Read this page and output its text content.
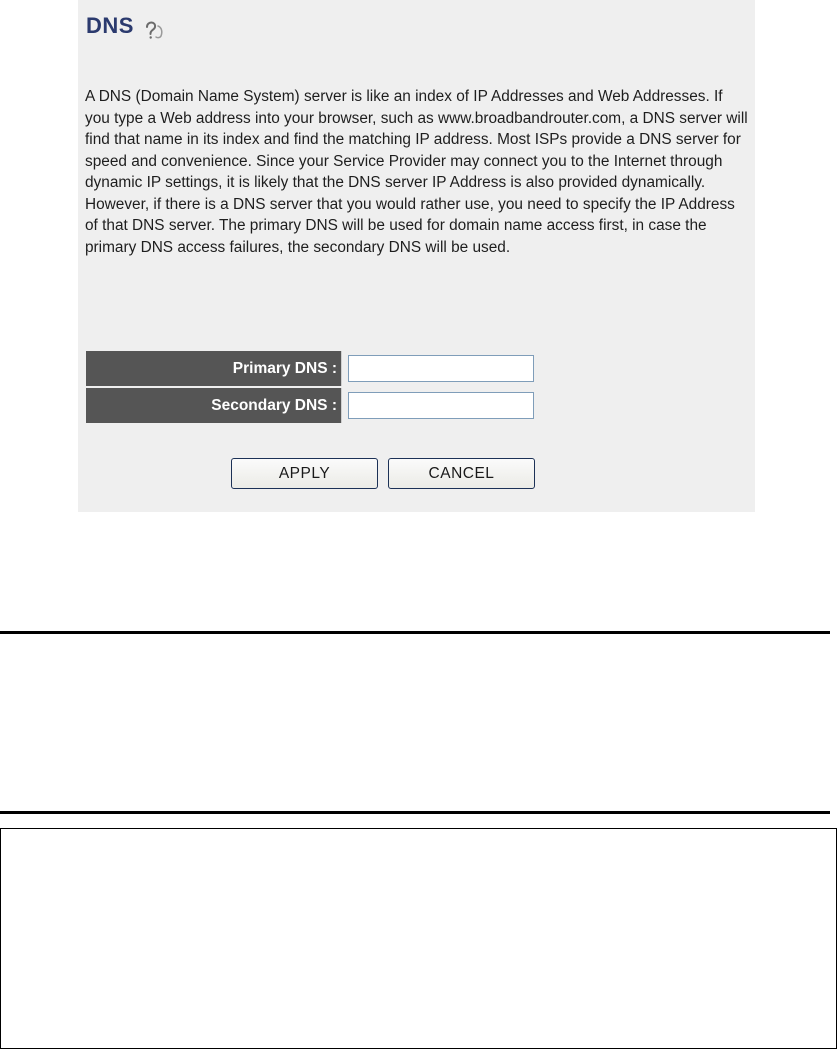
DNS

A DNS (Domain Name System) server is like an index of IP Addresses and Web Addresses. If you type a Web address into your browser, such as www.broadbandrouter.com, a DNS server will find that name in its index and find the matching IP address. Most ISPs provide a DNS server for speed and convenience. Since your Service Provider may connect you to the Internet through dynamic IP settings, it is likely that the DNS server IP Address is also provided dynamically. However, if there is a DNS server that you would rather use, you need to specify the IP Address of that DNS server. The primary DNS will be used for domain name access first, in case the primary DNS access failures, the secondary DNS will be used.

Primary DNS :
Secondary DNS :
APPLY	CANCEL
